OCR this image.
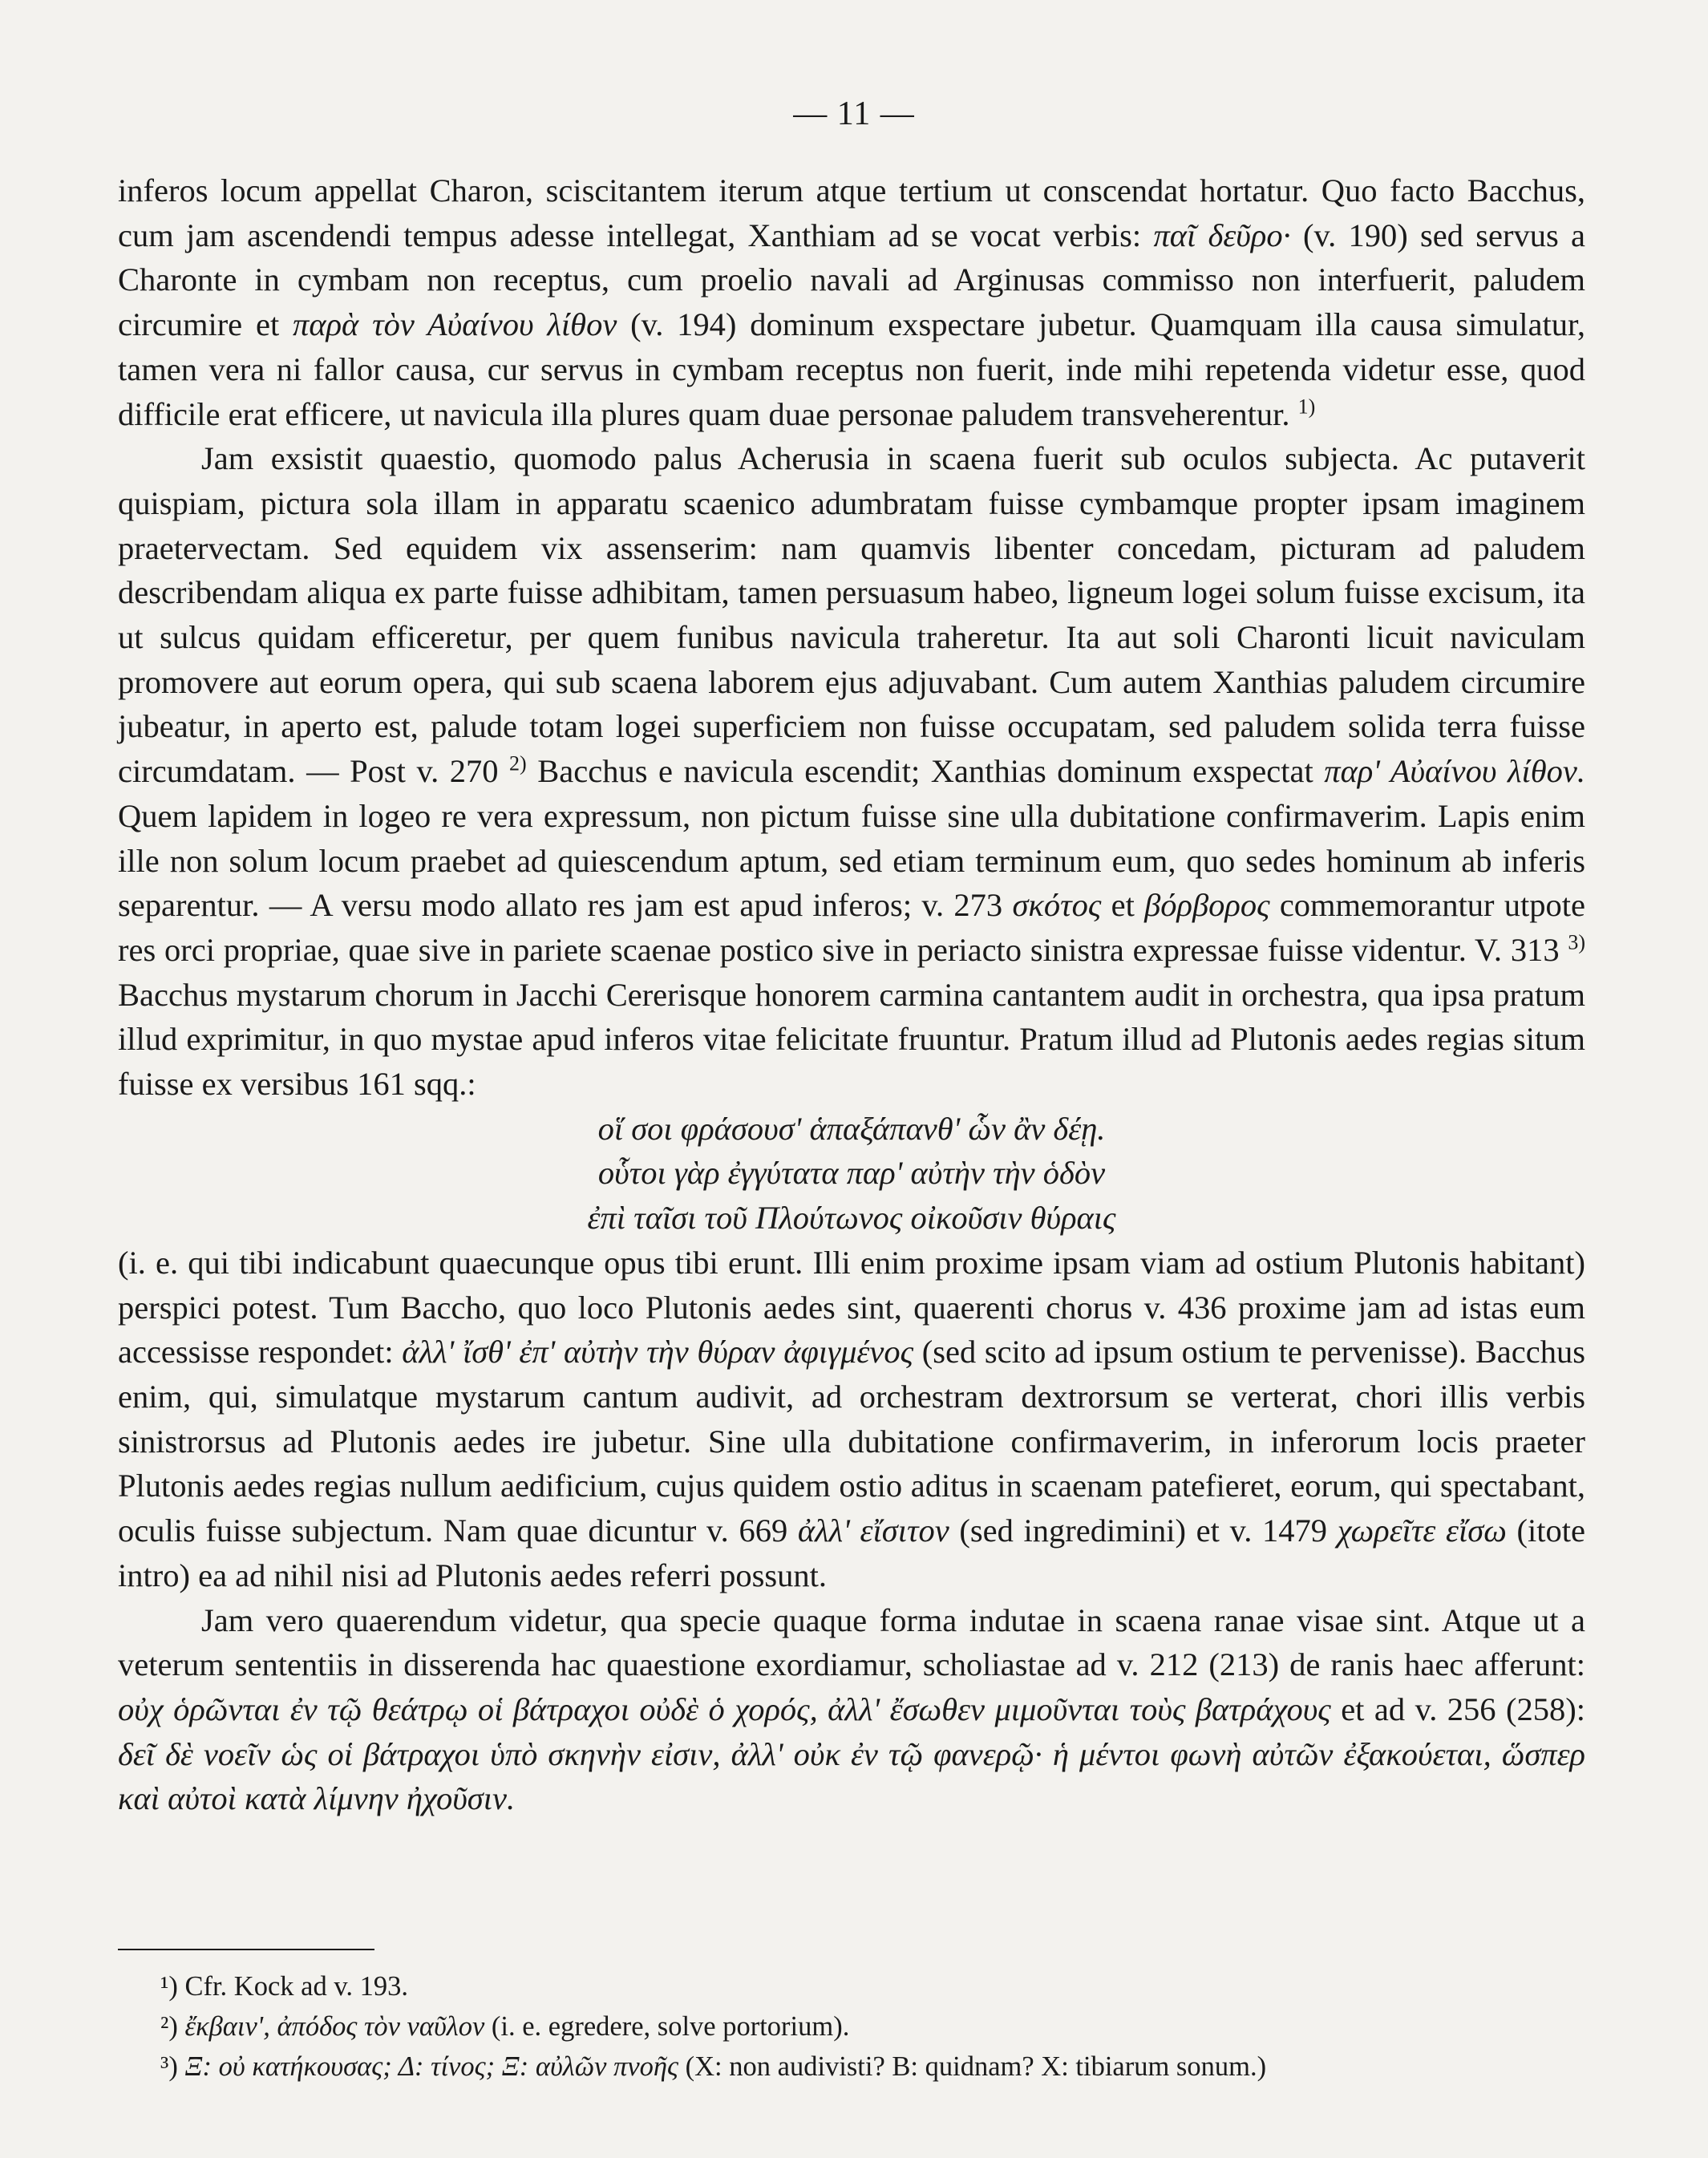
— 11 —

inferos locum appellat Charon, sciscitantem iterum atque tertium ut conscendat hortatur. Quo facto Bacchus, cum jam ascendendi tempus adesse intellegat, Xanthiam ad se vocat verbis: παῖ δεῦρο· (v. 190) sed servus a Charonte in cymbam non receptus, cum proelio navali ad Arginusas commisso non interfuerit, paludem circumire et παρὰ τὸν Αὐαίνου λίθον (v. 194) dominum exspectare jubetur. Quamquam illa causa simulatur, tamen vera ni fallor causa, cur servus in cymbam receptus non fuerit, inde mihi repetenda videtur esse, quod difficile erat efficere, ut navicula illa plures quam duae personae paludem transveherentur. $^{1)}$

Jam exsistit quaestio, quomodo palus Acherusia in scaena fuerit sub oculos subjecta. Ac putaverit quispiam, pictura sola illam in apparatu scaenico adumbratam fuisse cymbamque propter ipsam imaginem praetervectam. Sed equidem vix assenserim: nam quamvis libenter concedam, picturam ad paludem describendam aliqua ex parte fuisse adhibitam, tamen persuasum habeo, ligneum logei solum fuisse excisum, ita ut sulcus quidam efficeretur, per quem funibus navicula traheretur. Ita aut soli Charonti licuit naviculam promovere aut eorum opera, qui sub scaena laborem ejus adjuvabant. Cum autem Xanthias paludem circumire jubeatur, in aperto est, palude totam logei superficiem non fuisse occupatam, sed paludem solida terra fuisse circumdatam. — Post v. 270 $^{2)}$ Bacchus e navicula escendit; Xanthias dominum exspectat παρ' Αὐαίνου λίθον. Quem lapidem in logeo re vera expressum, non pictum fuisse sine ulla dubitatione confirmaverim. Lapis enim ille non solum locum praebet ad quiescendum aptum, sed etiam terminum eum, quo sedes hominum ab inferis separentur. — A versu modo allato res jam est apud inferos; v. 273 σκότος et βόρβορος commemorantur utpote res orci propriae, quae sive in pariete scaenae postico sive in periacto sinistra expressae fuisse videntur. V. 313 $^{3)}$ Bacchus mystarum chorum in Jacchi Cererisque honorem carmina cantantem audit in orchestra, qua ipsa pratum illud exprimitur, in quo mystae apud inferos vitae felicitate fruuntur. Pratum illud ad Plutonis aedes regias situm fuisse ex versibus 161 sqq.:

οἵ σοι φράσουσ' ἁπαξάπανθ' ὧν ἂν δέῃ.
οὗτοι γὰρ ἐγγύτατα παρ' αὐτὴν τὴν ὁδὸν
ἐπὶ ταῖσι τοῦ Πλούτωνος οἰκοῦσιν θύραις

(i. e. qui tibi indicabunt quaecunque opus tibi erunt. Illi enim proxime ipsam viam ad ostium Plutonis habitant) perspici potest. Tum Baccho, quo loco Plutonis aedes sint, quaerenti chorus v. 436 proxime jam ad istas eum accessisse respondet: ἀλλ' ἴσθ' ἐπ' αὐτὴν τὴν θύραν ἀφιγμένος (sed scito ad ipsum ostium te pervenisse). Bacchus enim, qui, simulatque mystarum cantum audivit, ad orchestram dextrorsum se verterat, chori illis verbis sinistrorsus ad Plutonis aedes ire jubetur. Sine ulla dubitatione confirmaverim, in inferorum locis praeter Plutonis aedes regias nullum aedificium, cujus quidem ostio aditus in scaenam patefieret, eorum, qui spectabant, oculis fuisse subjectum. Nam quae dicuntur v. 669 ἀλλ' εἴσιτον (sed ingredimini) et v. 1479 χωρεῖτε εἴσω (itote intro) ea ad nihil nisi ad Plutonis aedes referri possunt.

Jam vero quaerendum videtur, qua specie quaque forma indutae in scaena ranae visae sint. Atque ut a veterum sententiis in disserenda hac quaestione exordiamur, scholiastae ad v. 212 (213) de ranis haec afferunt: οὐχ ὁρῶνται ἐν τῷ θεάτρῳ οἱ βάτραχοι οὐδὲ ὁ χορός, ἀλλ' ἔσωθεν μιμοῦνται τοὺς βατράχους et ad v. 256 (258): δεῖ δὲ νοεῖν ὡς οἱ βάτραχοι ὑπὸ σκηνὴν εἰσιν, ἀλλ' οὐκ ἐν τῷ φανερῷ· ἡ μέντοι φωνὴ αὐτῶν ἐξακούεται, ὥσπερ καὶ αὐτοὶ κατὰ λίμνην ἠχοῦσιν.

¹) Cfr. Kock ad v. 193.

²) ἔκβαιν', ἀπόδος τὸν ναῦλον (i. e. egredere, solve portorium).

³) Ξ: οὐ κατήκουσας; Δ: τίνος; Ξ: αὐλῶν πνοῆς (X: non audivisti? B: quidnam? X: tibiarum sonum.)
